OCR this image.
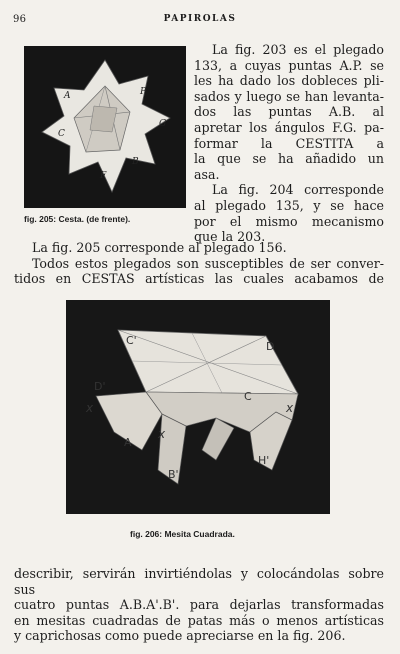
96	PAPIROLAS
A	P
G
F
B
C
fig. 205: Cesta. (de frente).
La fig. 203 es el plegado
133, a cuyas puntas A.P. se
les ha dado los dobleces pli-
sados y luego se han levanta-
dos las puntas A.B. al
apretar los ángulos F.G. pa-
formar la CESTITA a
la que se ha añadido un
asa.
La fig. 204 corresponde
al plegado 135, y se hace
por el mismo mecanismo
que la 203.
La fig. 205 corresponde al plegado 156.
Todos estos plegados son susceptibles de ser conver-
tidos en CESTAS artísticas las cuales acabamos de
C'	D
D'
C
x
x
x
A
B'
H'
fig. 206: Mesita Cuadrada.
describir, servirán invirtiéndolas y colocándolas sobre sus
cuatro puntas A.B.A'.B'. para dejarlas transformadas
en mesitas cuadradas de patas más o menos artísticas
y caprichosas como puede apreciarse en la fig. 206.
